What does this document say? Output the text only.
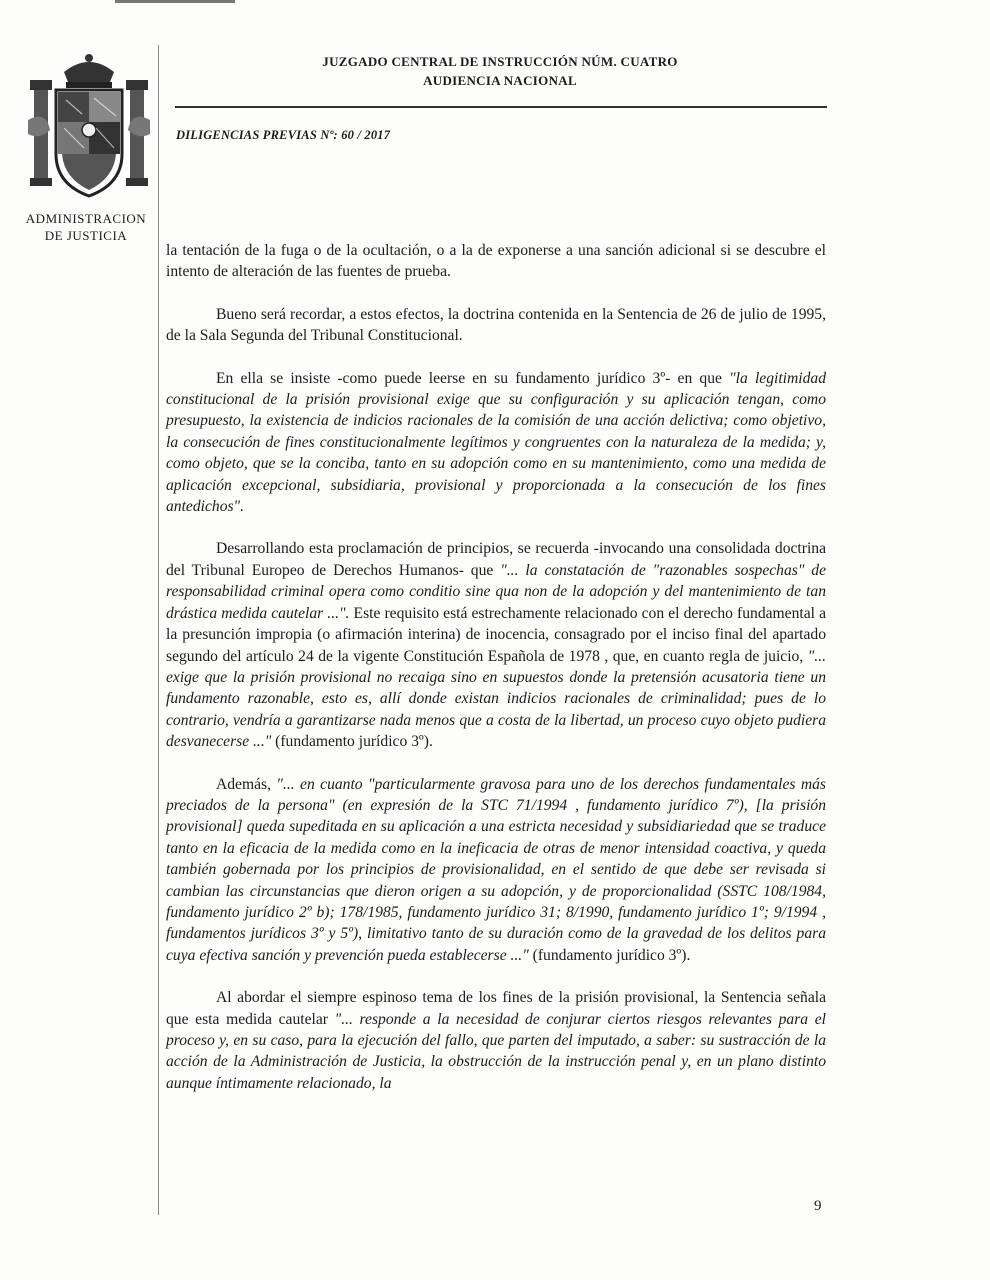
ADMINISTRACION
DE JUSTICIA
JUZGADO CENTRAL DE INSTRUCCIÓN NÚM. CUATRO
AUDIENCIA NACIONAL
DILIGENCIAS PREVIAS Nº: 60 / 2017

la tentación de la fuga o de la ocultación, o a la de exponerse a una sanción adicional si se descubre el intento de alteración de las fuentes de prueba.

Bueno será recordar, a estos efectos, la doctrina contenida en la Sentencia de 26 de julio de 1995, de la Sala Segunda del Tribunal Constitucional.

En ella se insiste -como puede leerse en su fundamento jurídico 3º- en que "la legitimidad constitucional de la prisión provisional exige que su configuración y su aplicación tengan, como presupuesto, la existencia de indicios racionales de la comisión de una acción delictiva; como objetivo, la consecución de fines constitucionalmente legítimos y congruentes con la naturaleza de la medida; y, como objeto, que se la conciba, tanto en su adopción como en su mantenimiento, como una medida de aplicación excepcional, subsidiaria, provisional y proporcionada a la consecución de los fines antedichos".

Desarrollando esta proclamación de principios, se recuerda -invocando una consolidada doctrina del Tribunal Europeo de Derechos Humanos- que "... la constatación de "razonables sospechas" de responsabilidad criminal opera como conditio sine qua non de la adopción y del mantenimiento de tan drástica medida cautelar ...". Este requisito está estrechamente relacionado con el derecho fundamental a la presunción impropia (o afirmación interina) de inocencia, consagrado por el inciso final del apartado segundo del artículo 24 de la vigente Constitución Española de 1978 , que, en cuanto regla de juicio, "... exige que la prisión provisional no recaiga sino en supuestos donde la pretensión acusatoria tiene un fundamento razonable, esto es, allí donde existan indicios racionales de criminalidad; pues de lo contrario, vendría a garantizarse nada menos que a costa de la libertad, un proceso cuyo objeto pudiera desvanecerse ..." (fundamento jurídico 3º).

Además, "... en cuanto "particularmente gravosa para uno de los derechos fundamentales más preciados de la persona" (en expresión de la STC 71/1994 , fundamento jurídico 7º), [la prisión provisional] queda supeditada en su aplicación a una estricta necesidad y subsidiariedad que se traduce tanto en la eficacia de la medida como en la ineficacia de otras de menor intensidad coactiva, y queda también gobernada por los principios de provisionalidad, en el sentido de que debe ser revisada si cambian las circunstancias que dieron origen a su adopción, y de proporcionalidad (SSTC 108/1984, fundamento jurídico 2º b); 178/1985, fundamento jurídico 31; 8/1990, fundamento jurídico 1º; 9/1994 , fundamentos jurídicos 3º y 5º), limitativo tanto de su duración como de la gravedad de los delitos para cuya efectiva sanción y prevención pueda establecerse ..." (fundamento jurídico 3º).

Al abordar el siempre espinoso tema de los fines de la prisión provisional, la Sentencia señala que esta medida cautelar "... responde a la necesidad de conjurar ciertos riesgos relevantes para el proceso y, en su caso, para la ejecución del fallo, que parten del imputado, a saber: su sustracción de la acción de la Administración de Justicia, la obstrucción de la instrucción penal y, en un plano distinto aunque íntimamente relacionado, la

9
